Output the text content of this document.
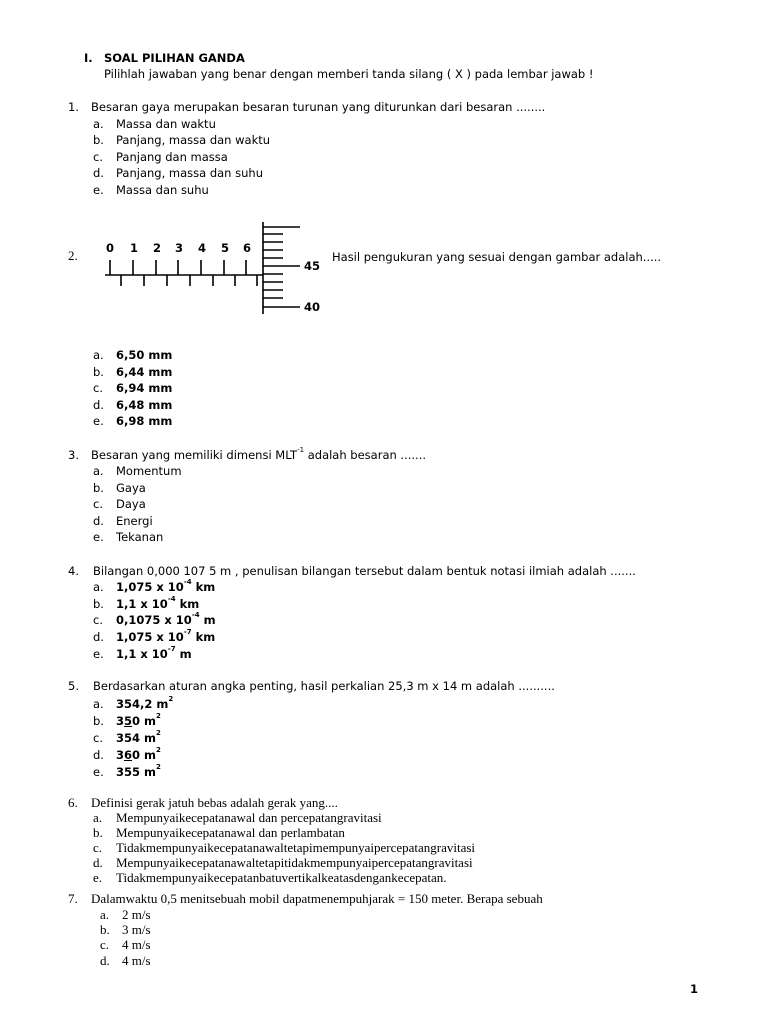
I. SOAL PILIHAN GANDA
Pilihlah jawaban yang benar dengan memberi tanda silang ( X ) pada lembar jawab !
1. Besaran gaya merupakan besaran turunan yang diturunkan dari besaran ........
a. Massa dan waktu
b. Panjang, massa dan waktu
c. Panjang dan massa
d. Panjang, massa dan suhu
e. Massa dan suhu
2. 0 1 2 3 4 5 6
45
40
Hasil pengukuran yang sesuai dengan gambar adalah.....
a. 6,50 mm
b. 6,44 mm
c. 6,94 mm
d. 6,48 mm
e. 6,98 mm
3. Besaran yang memiliki dimensi $MLT^{-1}$ adalah besaran .......
a. Momentum
b. Gaya
c. Daya
d. Energi
e. Tekanan
4. Bilangan 0,000 107 5 m , penulisan bilangan tersebut dalam bentuk notasi ilmiah adalah .......
a. 1,075 x $10^{-4}$ km
b. 1,1 x $10^{-4}$ km
c. 0,1075 x $10^{-4}$ m
d. 1,075 x $10^{-7}$ km
e. 1,1 x $10^{-7}$ m
5. Berdasarkan aturan angka penting, hasil perkalian 25,3 m x 14 m adalah ..........
a. 354,2 $m^2$
b. 350 $m^2$
c. 354 $m^2$
d. 360 $m^2$
e. 355 $m^2$
6. Definisi gerak jatuh bebas adalah gerak yang....
a. Mempunyaikecepatanawal dan percepatangravitasi
b. Mempunyaikecepatanawal dan perlambatan
c. Tidakmempunyaikecepatanawaltetapimempunyaipercepatangravitasi
d. Mempunyaikecepatanawaltetapitidakmempunyaipercepatangravitasi
e. Tidakmempunyaikecepatanbatuvertikalkeatasdengankecepatan.
7. Dalamwaktu 0,5 menitsebuah mobil dapatmenempuhjarak = 150 meter. Berapa sebuah
a. 2 m/s
b. 3 m/s
c. 4 m/s
d. 4 m/s
1
